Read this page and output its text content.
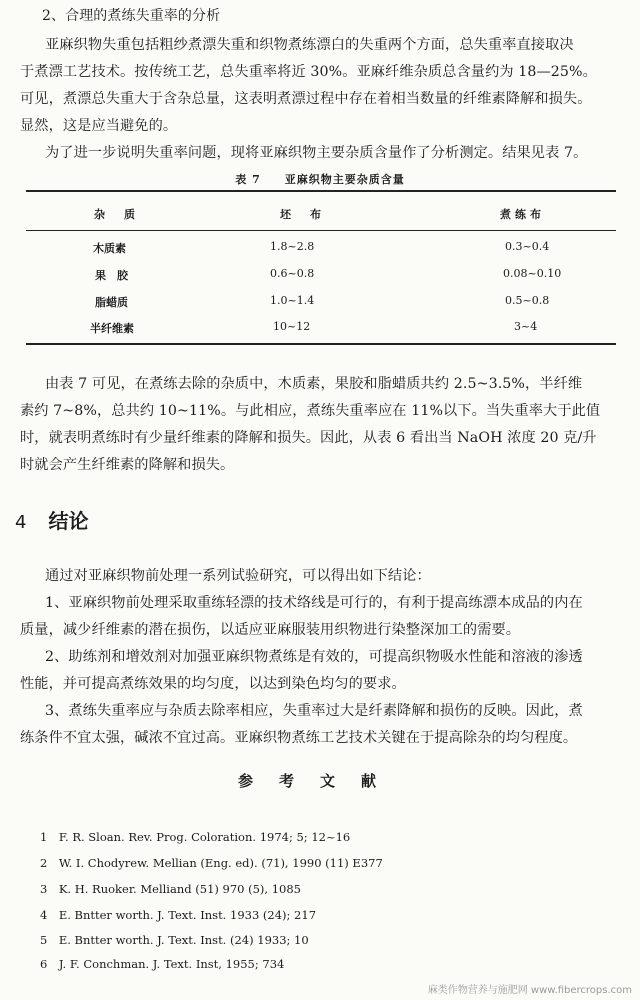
2、合理的煮练失重率的分析
亚麻织物失重包括粗纱煮漂失重和织物煮练漂白的失重两个方面，总失重率直接取决
于煮漂工艺技术。按传统工艺，总失重率将近 30%。亚麻纤维杂质总含量约为 18—25%。
可见，煮漂总失重大于含杂总量，这表明煮漂过程中存在着相当数量的纤维素降解和损失。
显然，这是应当避免的。
为了进一步说明失重率问题，现将亚麻织物主要杂质含量作了分析测定。结果见表 7。
表 7　　亚麻织物主要杂质含量
杂　质	坯　布	煮练布
木质素	1.8~2.8	0.3~0.4
果　胶	0.6~0.8	0.08~0.10
脂蜡质	1.0~1.4	0.5~0.8
半纤维素	10~12	3~4
由表 7 可见，在煮练去除的杂质中，木质素，果胶和脂蜡质共约 2.5~3.5%，半纤维
素约 7~8%，总共约 10~11%。与此相应，煮练失重率应在 11%以下。当失重率大于此值
时，就表明煮练时有少量纤维素的降解和损失。因此，从表 6 看出当 NaOH 浓度 20 克/升
时就会产生纤维素的降解和损失。
4 结论
通过对亚麻织物前处理一系列试验研究，可以得出如下结论：
1、亚麻织物前处理采取重练轻漂的技术络线是可行的，有利于提高练漂本成品的内在
质量，减少纤维素的潜在损伤，以适应亚麻服装用织物进行染整深加工的需要。
2、助练剂和增效剂对加强亚麻织物煮练是有效的，可提高织物吸水性能和溶液的渗透
性能，并可提高煮练效果的均匀度，以达到染色均匀的要求。
3、煮练失重率应与杂质去除率相应，失重率过大是纤素降解和损伤的反映。因此，煮
练条件不宜太强，碱浓不宜过高。亚麻织物煮练工艺技术关键在于提高除杂的均匀程度。
参考文献
1　F. R. Sloan. Rev. Prog. Coloration. 1974; 5; 12~16
2　W. I. Chodyrew. Mellian (Eng. ed). (71), 1990 (11) E377
3　K. H. Ruoker. Melliand (51) 970 (5), 1085
4　E. Bntter worth. J. Text. Inst. 1933 (24); 217
5　E. Bntter worth. J. Text. Inst. (24) 1933; 10
6　J. F. Conchman. J. Text. Inst, 1955; 734
麻类作物营养与施肥网 www.fibercrops.com
